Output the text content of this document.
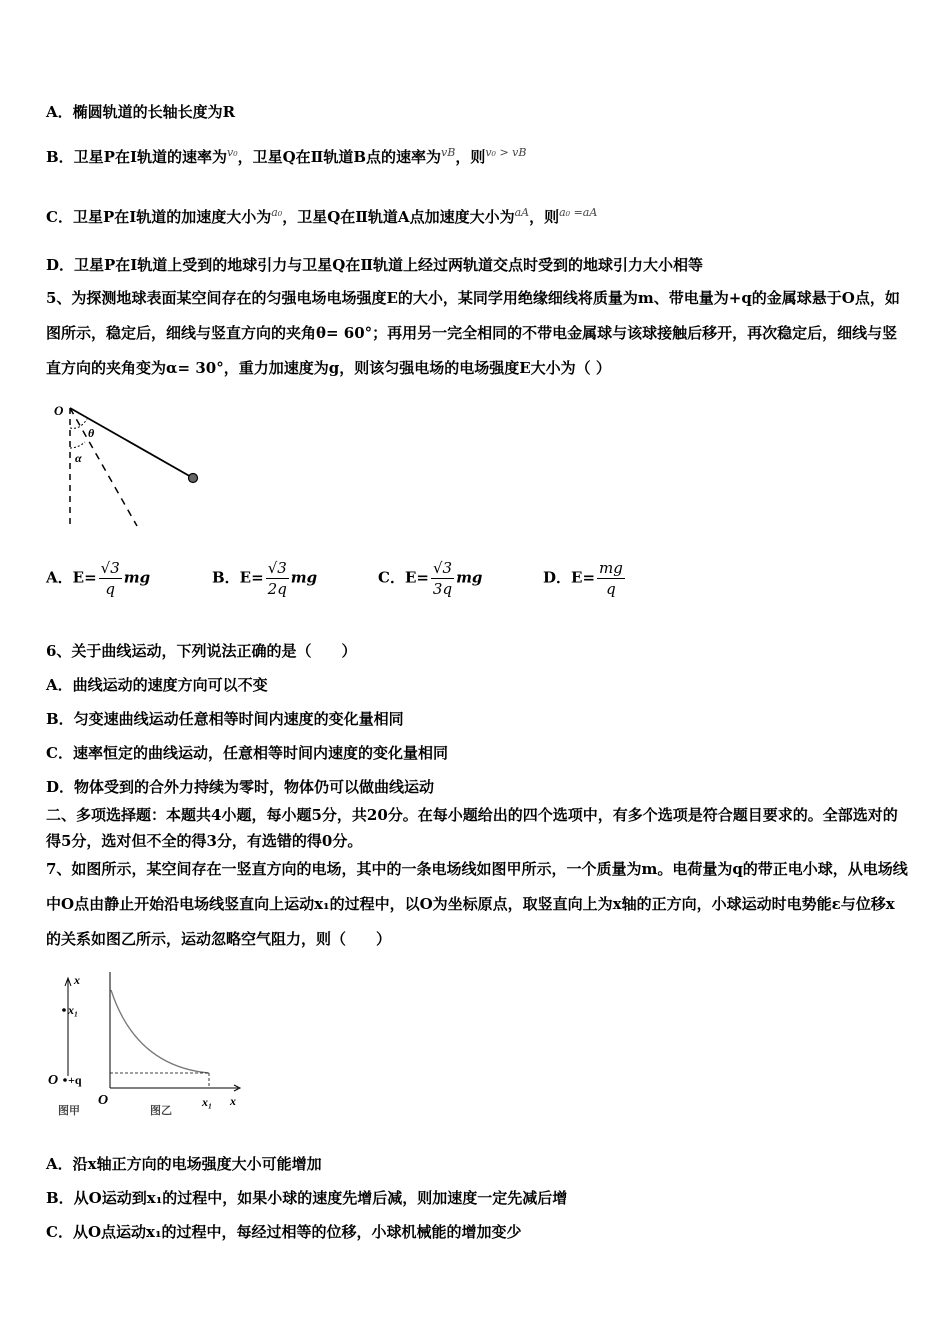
A．椭圆轨道的长轴长度为R
B．卫星P在Ⅰ轨道的速率为$^{v_0}$，卫星Q在Ⅱ轨道B点的速率为$^{vB}$，则$^{v_0 > vB}$
C．卫星P在Ⅰ轨道的加速度大小为$^{a_0}$，卫星Q在Ⅱ轨道A点加速度大小为$^{aA}$，则$^{a_0 =aA}$
D．卫星P在Ⅰ轨道上受到的地球引力与卫星Q在Ⅱ轨道上经过两轨道交点时受到的地球引力大小相等
5、为探测地球表面某空间存在的匀强电场电场强度E的大小，某同学用绝缘细线将质量为m、带电量为+q的金属球悬于O点，如图所示，稳定后，细线与竖直方向的夹角θ= 60°；再用另一完全相同的不带电金属球与该球接触后移开，再次稳定后，细线与竖直方向的夹角变为α= 30°，重力加速度为g，则该匀强电场的电场强度E大小为（ ）
O
θ
α
A．$E= \frac{√3}{q}$ mg	B．$E= \frac{√3}{2q}$ mg	C．$E= \frac{√3}{3q}$ mg	D．$E= \frac{mg}{q}$
6、关于曲线运动，下列说法正确的是（　　）
A．曲线运动的速度方向可以不变
B．匀变速曲线运动任意相等时间内速度的变化量相同
C．速率恒定的曲线运动，任意相等时间内速度的变化量相同
D．物体受到的合外力持续为零时，物体仍可以做曲线运动
二、多项选择题：本题共4小题，每小题5分，共20分。在每小题给出的四个选项中，有多个选项是符合题目要求的。全部选对的得5分，选对但不全的得3分，有选错的得0分。
7、如图所示，某空间存在一竖直方向的电场，其中的一条电场线如图甲所示，一个质量为m。电荷量为q的带正电小球，从电场线中O点由静止开始沿电场线竖直向上运动x₁的过程中，以O为坐标原点，取竖直向上为x轴的正方向，小球运动时电势能ε与位移x的关系如图乙所示，运动忽略空气阻力，则（　　）
x
x₁
O +q
图甲
O
图乙
x₁ x
A．沿x轴正方向的电场强度大小可能增加
B．从O运动到x₁的过程中，如果小球的速度先增后减，则加速度一定先减后增
C．从O点运动x₁的过程中，每经过相等的位移，小球机械能的增加变少
